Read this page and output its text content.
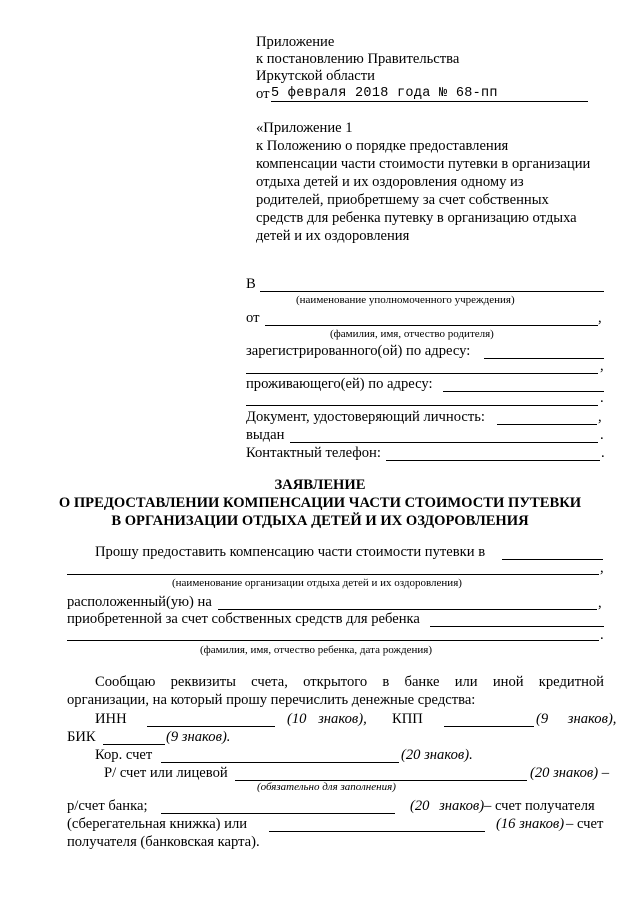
Приложение
к постановлению Правительства
Иркутской области
от 5 февраля 2018 года № 68-пп
«Приложение 1
к Положению о порядке предоставления
компенсации части стоимости путевки в организации
отдыха детей и их оздоровления одному из
родителей, приобретшему за счет собственных
средств для ребенка путевку в организацию отдыха
детей и их оздоровления
В
(наименование уполномоченного учреждения)
от	,
(фамилия, имя, отчество родителя)
зарегистрированного(ой) по адресу:
,
проживающего(ей) по адресу:
.
Документ, удостоверяющий личность:	,
выдан	.
Контактный телефон:	.
ЗАЯВЛЕНИЕ
О ПРЕДОСТАВЛЕНИИ КОМПЕНСАЦИИ ЧАСТИ СТОИМОСТИ ПУТЕВКИ
В ОРГАНИЗАЦИИ ОТДЫХА ДЕТЕЙ И ИХ ОЗДОРОВЛЕНИЯ
Прошу предоставить компенсацию части стоимости путевки в
,
(наименование организации отдыха детей и их оздоровления)
расположенный(ую) на	,
приобретенной за счет собственных средств для ребенка
.
(фамилия, имя, отчество ребенка, дата рождения)
Сообщаю реквизиты счета, открытого в банке или иной кредитной
организации, на который прошу перечислить денежные средства:
ИНН	(10 знаков), КПП	(9 знаков),
БИК	(9 знаков).
Кор. счет	(20 знаков).
Р/ счет или лицевой	(20 знаков) –
(обязательно для заполнения)
р/счет банка;	(20 знаков) – счет получателя
(сберегательная книжка) или	(16 знаков) – счет
получателя (банковская карта).
